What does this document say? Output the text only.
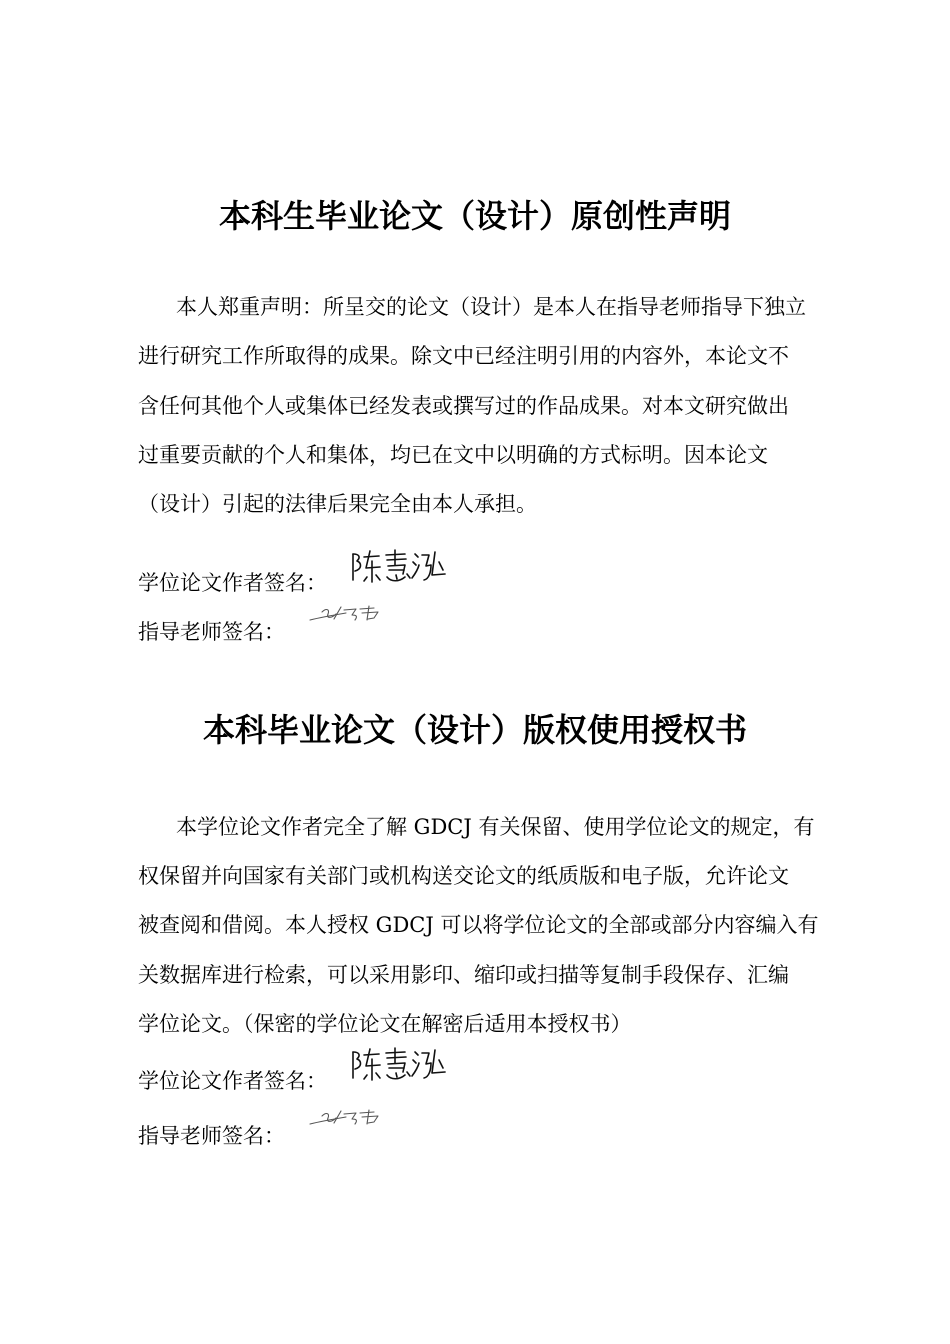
本科生毕业论文（设计）原创性声明

本人郑重声明：所呈交的论文（设计）是本人在指导老师指导下独立

进行研究工作所取得的成果。除文中已经注明引用的内容外，本论文不

含任何其他个人或集体已经发表或撰写过的作品成果。对本文研究做出

过重要贡献的个人和集体，均已在文中以明确的方式标明。因本论文

（设计）引起的法律后果完全由本人承担。

学位论文作者签名：
指导老师签名：
本科毕业论文（设计）版权使用授权书

本学位论文作者完全了解 GDCJ 有关保留、使用学位论文的规定，有

权保留并向国家有关部门或机构送交论文的纸质版和电子版，允许论文

被查阅和借阅。本人授权 GDCJ 可以将学位论文的全部或部分内容编入有

关数据库进行检索，可以采用影印、缩印或扫描等复制手段保存、汇编

学位论文。（保密的学位论文在解密后适用本授权书）

学位论文作者签名：
指导老师签名：
